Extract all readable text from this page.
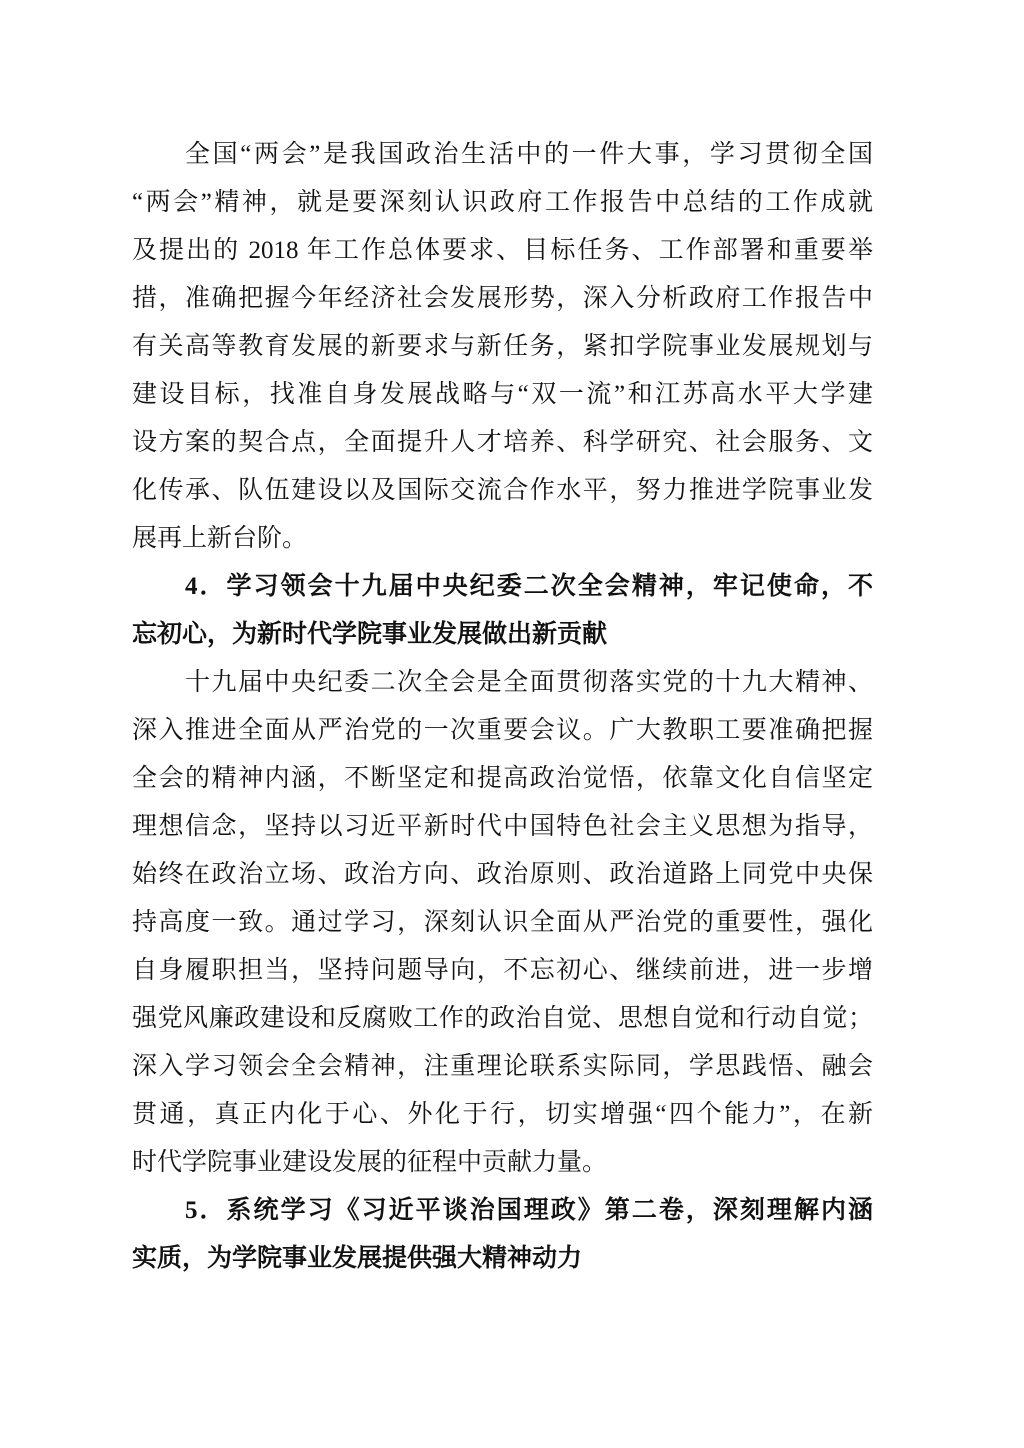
全国“两会”是我国政治生活中的一件大事，学习贯彻全国
“两会”精神，就是要深刻认识政府工作报告中总结的工作成就
及提出的 2018 年工作总体要求、目标任务、工作部署和重要举
措，准确把握今年经济社会发展形势，深入分析政府工作报告中
有关高等教育发展的新要求与新任务，紧扣学院事业发展规划与
建设目标，找准自身发展战略与“双一流”和江苏高水平大学建
设方案的契合点，全面提升人才培养、科学研究、社会服务、文
化传承、队伍建设以及国际交流合作水平，努力推进学院事业发
展再上新台阶。
4．学习领会十九届中央纪委二次全会精神，牢记使命，不
忘初心，为新时代学院事业发展做出新贡献
十九届中央纪委二次全会是全面贯彻落实党的十九大精神、
深入推进全面从严治党的一次重要会议。广大教职工要准确把握
全会的精神内涵，不断坚定和提高政治觉悟，依靠文化自信坚定
理想信念，坚持以习近平新时代中国特色社会主义思想为指导，
始终在政治立场、政治方向、政治原则、政治道路上同党中央保
持高度一致。通过学习，深刻认识全面从严治党的重要性，强化
自身履职担当，坚持问题导向，不忘初心、继续前进，进一步增
强党风廉政建设和反腐败工作的政治自觉、思想自觉和行动自觉；
深入学习领会全会精神，注重理论联系实际同，学思践悟、融会
贯通，真正内化于心、外化于行，切实增强“四个能力”，在新
时代学院事业建设发展的征程中贡献力量。
5．系统学习《习近平谈治国理政》第二卷，深刻理解内涵
实质，为学院事业发展提供强大精神动力
